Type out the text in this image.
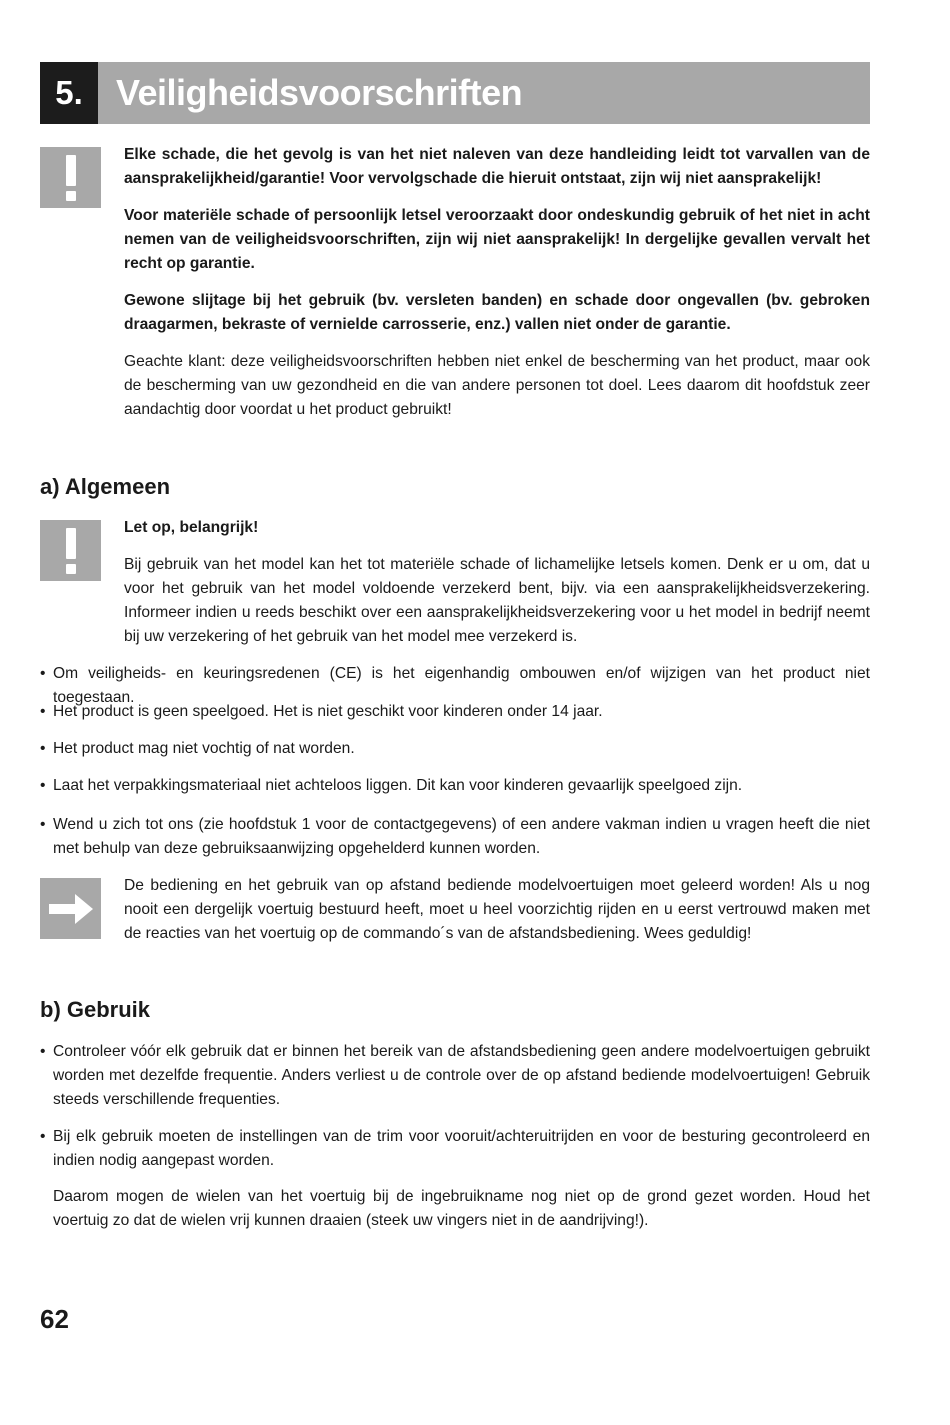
5. Veiligheidsvoorschriften

Elke schade, die het gevolg is van het niet naleven van deze handleiding leidt tot varvallen van de aansprakelijkheid/garantie! Voor vervolgschade die hieruit ontstaat, zijn wij niet aansprakelijk!

Voor materiële schade of persoonlijk letsel veroorzaakt door ondeskundig gebruik of het niet in acht nemen van de veiligheidsvoorschriften, zijn wij niet aansprakelijk! In dergelijke gevallen vervalt het recht op garantie.

Gewone slijtage bij het gebruik (bv. versleten banden) en schade door ongevallen (bv. gebroken draagarmen, bekraste of vernielde carrosserie, enz.) vallen niet onder de garantie.

Geachte klant: deze veiligheidsvoorschriften hebben niet enkel de bescherming van het product, maar ook de bescherming van uw gezondheid en die van andere personen tot doel. Lees daarom dit hoofdstuk zeer aandachtig door voordat u het product gebruikt!

a) Algemeen

Let op, belangrijk!

Bij gebruik van het model kan het tot materiële schade of lichamelijke letsels komen. Denk er u om, dat u voor het gebruik van het model voldoende verzekerd bent, bijv. via een aansprakelijkheidsverzekering. Informeer indien u reeds beschikt over een aansprakelijkheidsverzekering voor u het model in bedrijf neemt bij uw verzekering of het gebruik van het model mee verzekerd is.

• Om veiligheids- en keuringsredenen (CE) is het eigenhandig ombouwen en/of wijzigen van het product niet toegestaan.
• Het product is geen speelgoed. Het is niet geschikt voor kinderen onder 14 jaar.
• Het product mag niet vochtig of nat worden.
• Laat het verpakkingsmateriaal niet achteloos liggen. Dit kan voor kinderen gevaarlijk speelgoed zijn.
• Wend u zich tot ons (zie hoofdstuk 1 voor de contactgegevens) of een andere vakman indien u vragen heeft die niet met behulp van deze gebruiksaanwijzing opgehelderd kunnen worden.
De bediening en het gebruik van op afstand bediende modelvoertuigen moet geleerd worden! Als u nog nooit een dergelijk voertuig bestuurd heeft, moet u heel voorzichtig rijden en u eerst vertrouwd maken met de reacties van het voertuig op de commando´s van de afstandsbediening. Wees geduldig!
b) Gebruik
• Controleer vóór elk gebruik dat er binnen het bereik van de afstandsbediening geen andere modelvoertuigen gebruikt worden met dezelfde frequentie. Anders verliest u de controle over de op afstand bediende modelvoertuigen! Gebruik steeds verschillende frequenties.
• Bij elk gebruik moeten de instellingen van de trim voor vooruit/achteruitrijden en voor de besturing gecontroleerd en indien nodig aangepast worden.
Daarom mogen de wielen van het voertuig bij de ingebruikname nog niet op de grond gezet worden. Houd het voertuig zo dat de wielen vrij kunnen draaien (steek uw vingers niet in de aandrijving!).
62
